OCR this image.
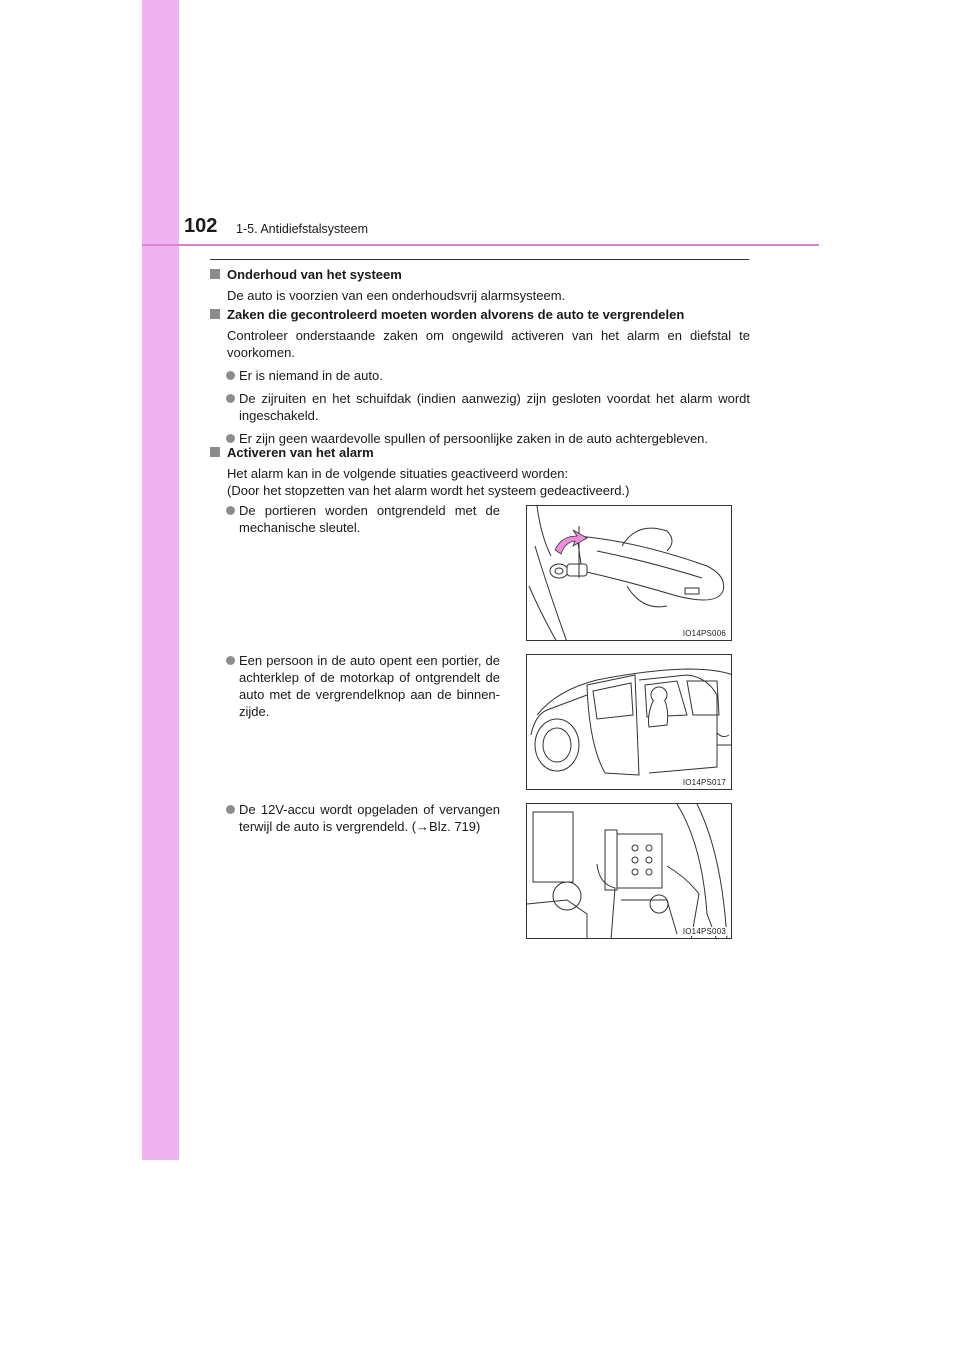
102 1-5. Antidiefstalsysteem
Onderhoud van het systeem
De auto is voorzien van een onderhoudsvrij alarmsysteem.
Zaken die gecontroleerd moeten worden alvorens de auto te vergrendelen
Controleer onderstaande zaken om ongewild activeren van het alarm en diefstal te voorkomen.
Er is niemand in de auto.
De zijruiten en het schuifdak (indien aanwezig) zijn gesloten voordat het alarm wordt ingeschakeld.
Er zijn geen waardevolle spullen of persoonlijke zaken in de auto achtergebleven.
Activeren van het alarm
Het alarm kan in de volgende situaties geactiveerd worden:
(Door het stopzetten van het alarm wordt het systeem gedeactiveerd.)
De portieren worden ontgrendeld met de mechanische sleutel.
IO14PS006
Een persoon in de auto opent een portier, de achterklep of de motorkap of ontgrendelt de auto met de vergrendelknop aan de binnen-zijde.
IO14PS017
De 12V-accu wordt opgeladen of vervangen terwijl de auto is vergrendeld. (→Blz. 719)
IO14PS003
